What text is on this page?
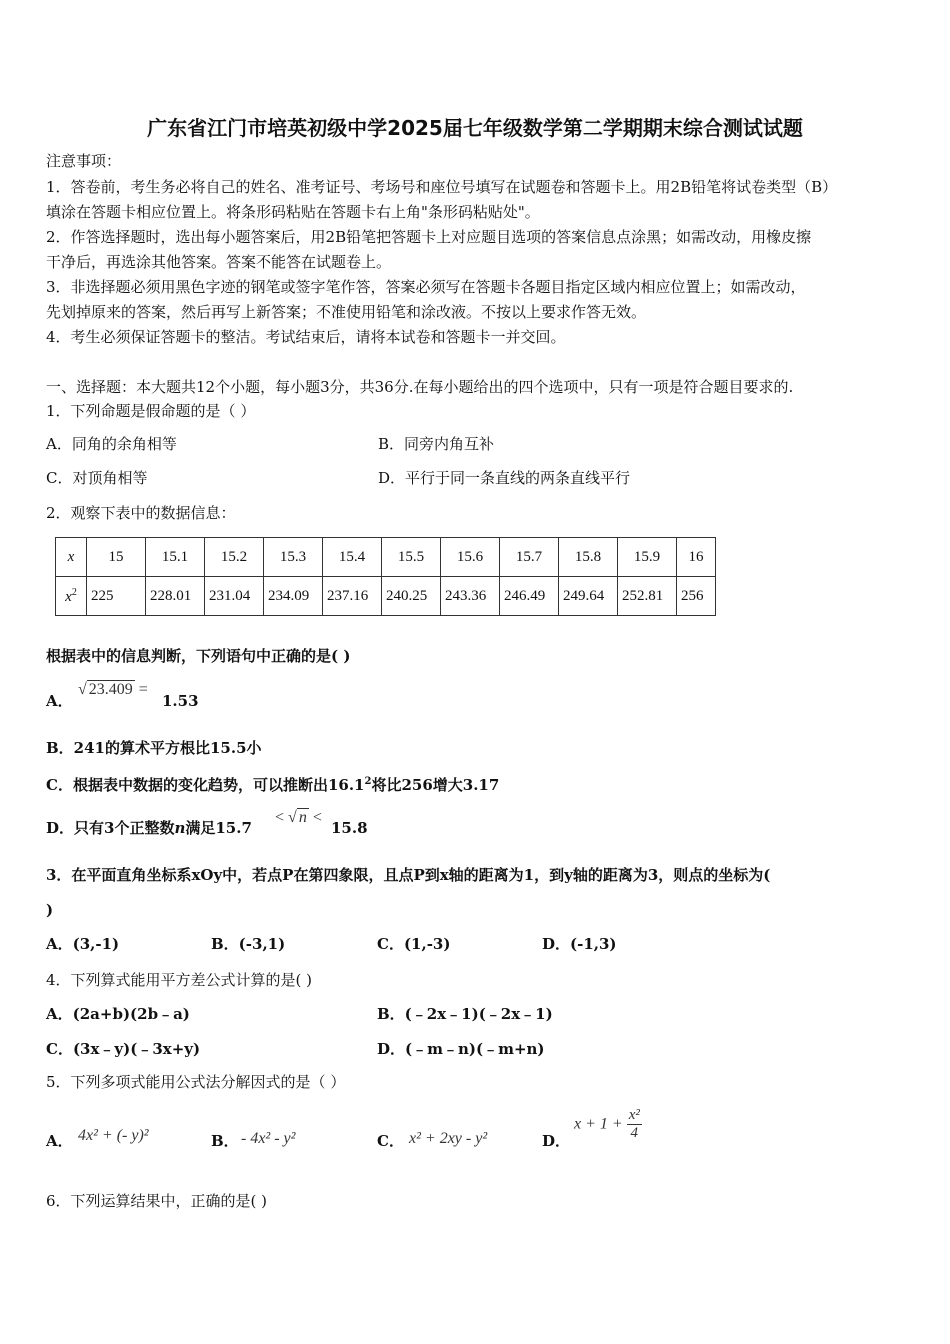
广东省江门市培英初级中学2025届七年级数学第二学期期末综合测试试题
注意事项：
1．答卷前，考生务必将自己的姓名、准考证号、考场号和座位号填写在试题卷和答题卡上。用2B铅笔将试卷类型（B）
填涂在答题卡相应位置上。将条形码粘贴在答题卡右上角"条形码粘贴处"。
2．作答选择题时，选出每小题答案后，用2B铅笔把答题卡上对应题目选项的答案信息点涂黑；如需改动，用橡皮擦
干净后，再选涂其他答案。答案不能答在试题卷上。
3．非选择题必须用黑色字迹的钢笔或签字笔作答，答案必须写在答题卡各题目指定区域内相应位置上；如需改动，
先划掉原来的答案，然后再写上新答案；不准使用铅笔和涂改液。不按以上要求作答无效。
4．考生必须保证答题卡的整洁。考试结束后，请将本试卷和答题卡一并交回。
一、选择题：本大题共12个小题，每小题3分，共36分.在每小题给出的四个选项中，只有一项是符合题目要求的.
1．下列命题是假命题的是（ ）
A．同角的余角相等	B．同旁内角互补
C．对顶角相等	D．平行于同一条直线的两条直线平行
2．观察下表中的数据信息：
x	15	15.1	15.2	15.3	15.4	15.5	15.6	15.7	15.8	15.9	16
$x^2$	225	228.01	231.04	234.09	237.16	240.25	243.36	246.49	249.64	252.81	256
根据表中的信息判断，下列语句中正确的是( )
A．
√ 23.409 =
1.53
B．241的算术平方根比15.5小
C．根据表中数据的变化趋势，可以推断出16.1$^2$将比256增大3.17
D．只有3个正整数n满足15.7
< √ n <
15.8
3．在平面直角坐标系xOy中，若点P在第四象限，且点P到x轴的距离为1，到y轴的距离为3，则点的坐标为(
)
A．(3,-1)	B．(-3,1)	C．(1,-3)	D．(-1,3)
4．下列算式能用平方差公式计算的是( )
A．(2a+b)(2b﹣a)	B．(﹣2x﹣1)(﹣2x﹣1)
C．(3x﹣y)(﹣3x+y)	D．(﹣m﹣n)(﹣m+n)
5．下列多项式能用公式法分解因式的是（ ）
A． 4x² + (- y)²	B． - 4x² - y²	C． x² + 2xy - y²	D．
$x + 1 + \frac{\text{x²}}{4}$
6．下列运算结果中，正确的是( )
